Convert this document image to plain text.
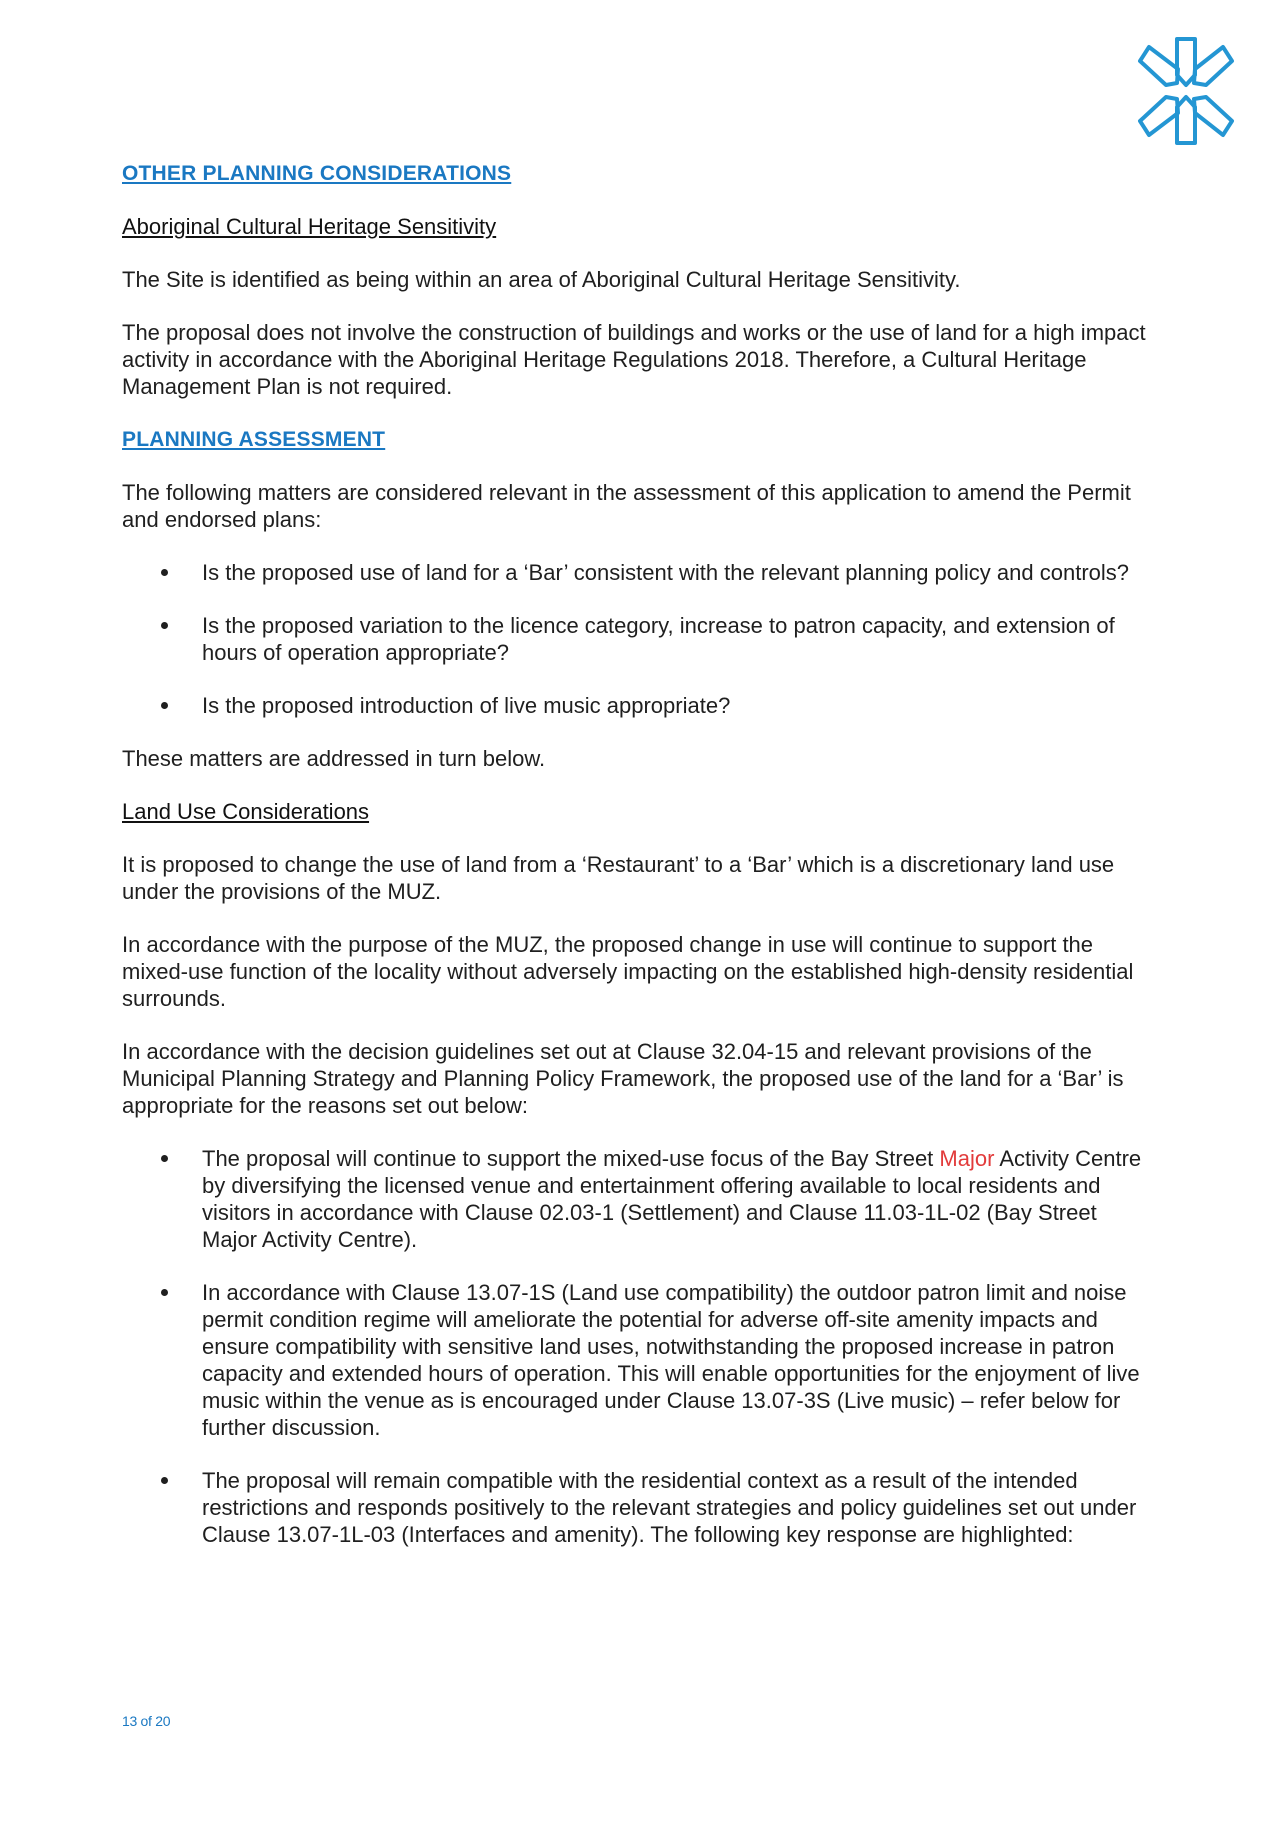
OTHER PLANNING CONSIDERATIONS
Aboriginal Cultural Heritage Sensitivity

The Site is identified as being within an area of Aboriginal Cultural Heritage Sensitivity.

The proposal does not involve the construction of buildings and works or the use of land for a high impact activity in accordance with the Aboriginal Heritage Regulations 2018. Therefore, a Cultural Heritage Management Plan is not required.

PLANNING ASSESSMENT

The following matters are considered relevant in the assessment of this application to amend the Permit and endorsed plans:

Is the proposed use of land for a ‘Bar’ consistent with the relevant planning policy and controls?
Is the proposed variation to the licence category, increase to patron capacity, and extension of hours of operation appropriate?
Is the proposed introduction of live music appropriate?

These matters are addressed in turn below.

Land Use Considerations

It is proposed to change the use of land from a ‘Restaurant’ to a ‘Bar’ which is a discretionary land use under the provisions of the MUZ.

In accordance with the purpose of the MUZ, the proposed change in use will continue to support the mixed-use function of the locality without adversely impacting on the established high-density residential surrounds.

In accordance with the decision guidelines set out at Clause 32.04-15 and relevant provisions of the Municipal Planning Strategy and Planning Policy Framework, the proposed use of the land for a ‘Bar’ is appropriate for the reasons set out below:

The proposal will continue to support the mixed-use focus of the Bay Street Major Activity Centre by diversifying the licensed venue and entertainment offering available to local residents and visitors in accordance with Clause 02.03-1 (Settlement) and Clause 11.03-1L-02 (Bay Street Major Activity Centre).
In accordance with Clause 13.07-1S (Land use compatibility) the outdoor patron limit and noise permit condition regime will ameliorate the potential for adverse off-site amenity impacts and ensure compatibility with sensitive land uses, notwithstanding the proposed increase in patron capacity and extended hours of operation. This will enable opportunities for the enjoyment of live music within the venue as is encouraged under Clause 13.07-3S (Live music) – refer below for further discussion.
The proposal will remain compatible with the residential context as a result of the intended restrictions and responds positively to the relevant strategies and policy guidelines set out under Clause 13.07-1L-03 (Interfaces and amenity). The following key response are highlighted:
13 of 20
